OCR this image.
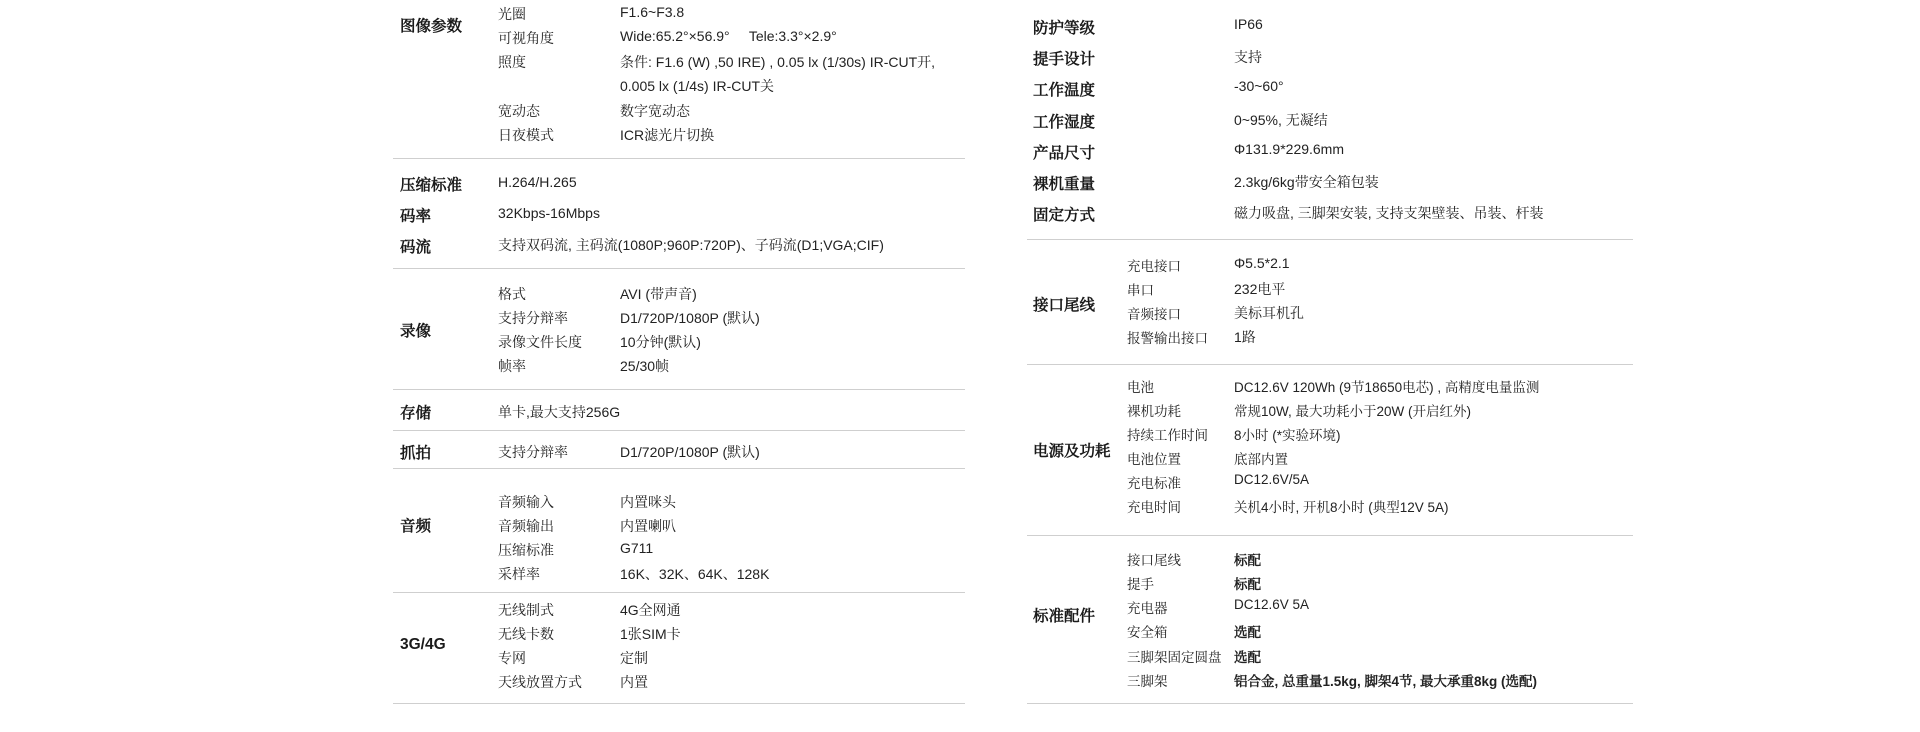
图像参数
光圈	F1.6~F3.8
可视角度	Wide:65.2°×56.9°     Tele:3.3°×2.9°
照度	条件: F1.6 (W) ,50 IRE) , 0.05 lx (1/30s) IR-CUT开,
0.005 lx (1/4s) IR-CUT关
宽动态	数字宽动态
日夜模式	ICR滤光片切换
压缩标准	H.264/H.265
码率	32Kbps-16Mbps
码流	支持双码流, 主码流(1080P;960P:720P)、子码流(D1;VGA;CIF)
录像
格式	AVI (带声音)
支持分辩率	D1/720P/1080P (默认)
录像文件长度	10分钟(默认)
帧率	25/30帧
存储	单卡,最大支持256G
抓拍	支持分辩率	D1/720P/1080P (默认)
音频
音频输入	内置咪头
音频输出	内置喇叭
压缩标准	G711
采样率	16K、32K、64K、128K
3G/4G
无线制式	4G全网通
无线卡数	1张SIM卡
专网	定制
天线放置方式	内置
防护等级	IP66
提手设计	支持
工作温度	-30~60°
工作湿度	0~95%, 无凝结
产品尺寸	Φ131.9*229.6mm
裸机重量	2.3kg/6kg带安全箱包装
固定方式	磁力吸盘, 三脚架安装, 支持支架壁装、吊装、杆装
接口尾线
充电接口	Φ5.5*2.1
串口	232电平
音频接口	美标耳机孔
报警输出接口 1路
电源及功耗
电池	DC12.6V 120Wh (9节18650电芯) , 高精度电量监测
裸机功耗	常规10W, 最大功耗小于20W (开启红外)
持续工作时间 8小时 (*实验环境)
电池位置	底部内置
充电标准	DC12.6V/5A
充电时间	关机4小时, 开机8小时 (典型12V 5A)
标准配件
接口尾线	标配
提手	标配
充电器	DC12.6V 5A
安全箱	选配
三脚架固定圆盘 选配
三脚架	铝合金, 总重量1.5kg, 脚架4节, 最大承重8kg (选配)
